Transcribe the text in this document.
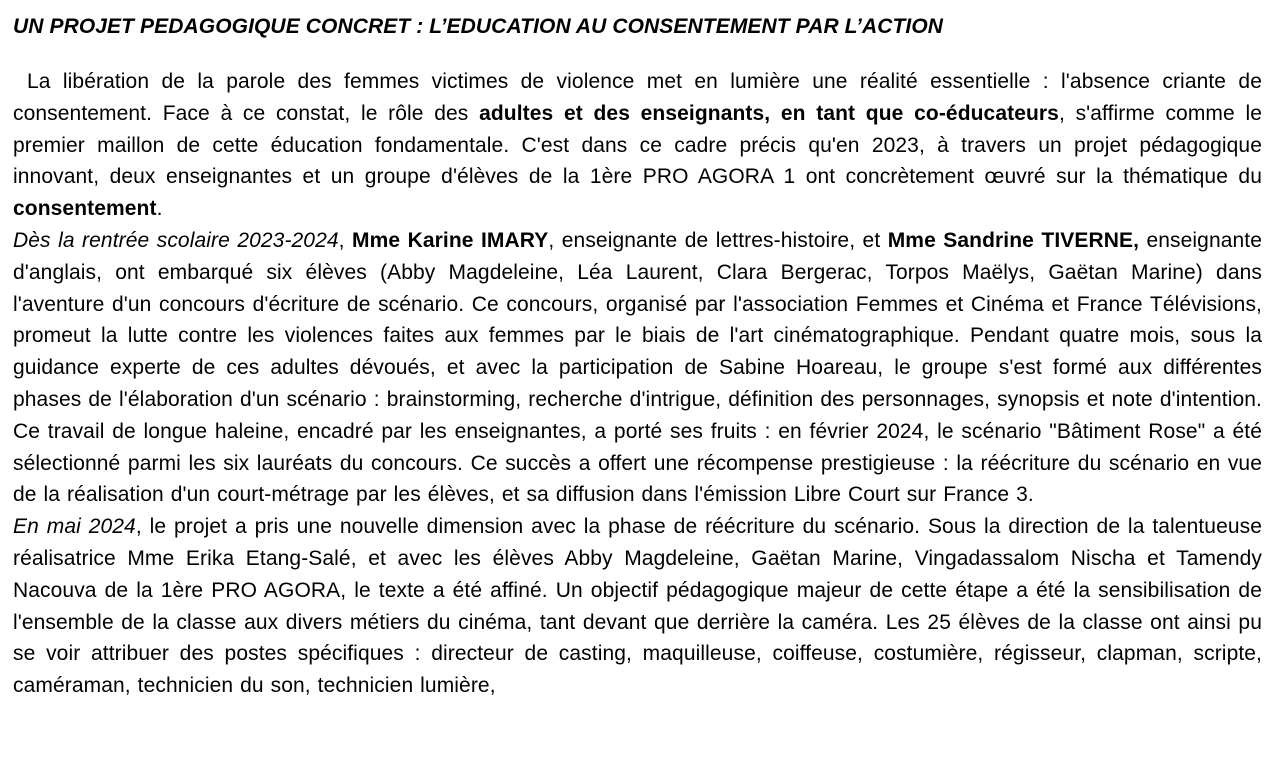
UN PROJET PEDAGOGIQUE CONCRET : L’EDUCATION AU CONSENTEMENT PAR L’ACTION

La libération de la parole des femmes victimes de violence met en lumière une réalité essentielle : l'absence criante de consentement. Face à ce constat, le rôle des adultes et des enseignants, en tant que co-éducateurs, s'affirme comme le premier maillon de cette éducation fondamentale. C'est dans ce cadre précis qu'en 2023, à travers un projet pédagogique innovant, deux enseignantes et un groupe d'élèves de la 1ère PRO AGORA 1 ont concrètement œuvré sur la thématique du consentement.

Dès la rentrée scolaire 2023-2024, Mme Karine IMARY, enseignante de lettres-histoire, et Mme Sandrine TIVERNE, enseignante d'anglais, ont embarqué six élèves (Abby Magdeleine, Léa Laurent, Clara Bergerac, Torpos Maëlys, Gaëtan Marine) dans l'aventure d'un concours d'écriture de scénario. Ce concours, organisé par l'association Femmes et Cinéma et France Télévisions, promeut la lutte contre les violences faites aux femmes par le biais de l'art cinématographique. Pendant quatre mois, sous la guidance experte de ces adultes dévoués, et avec la participation de Sabine Hoareau, le groupe s'est formé aux différentes phases de l'élaboration d'un scénario : brainstorming, recherche d'intrigue, définition des personnages, synopsis et note d'intention. Ce travail de longue haleine, encadré par les enseignantes, a porté ses fruits : en février 2024, le scénario "Bâtiment Rose" a été sélectionné parmi les six lauréats du concours. Ce succès a offert une récompense prestigieuse : la réécriture du scénario en vue de la réalisation d'un court-métrage par les élèves, et sa diffusion dans l'émission Libre Court sur France 3.

En mai 2024, le projet a pris une nouvelle dimension avec la phase de réécriture du scénario. Sous la direction de la talentueuse réalisatrice Mme Erika Etang-Salé, et avec les élèves Abby Magdeleine, Gaëtan Marine, Vingadassalom Nischa et Tamendy Nacouva de la 1ère PRO AGORA, le texte a été affiné. Un objectif pédagogique majeur de cette étape a été la sensibilisation de l'ensemble de la classe aux divers métiers du cinéma, tant devant que derrière la caméra. Les 25 élèves de la classe ont ainsi pu se voir attribuer des postes spécifiques : directeur de casting, maquilleuse, coiffeuse, costumière, régisseur, clapman, scripte, caméraman, technicien du son, technicien lumière,
